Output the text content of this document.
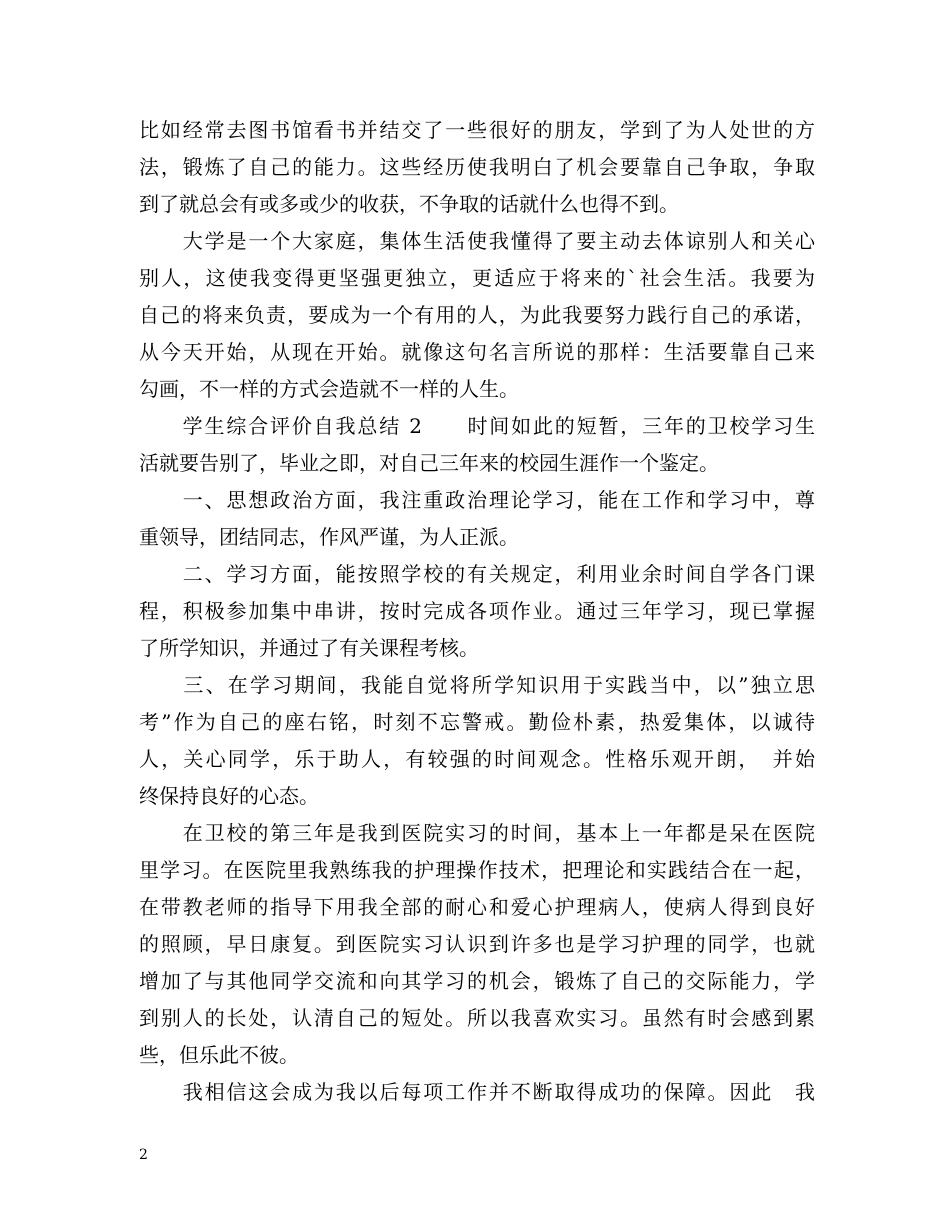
比如经常去图书馆看书并结交了一些很好的朋友，学到了为人处世的方
法，锻炼了自己的能力。这些经历使我明白了机会要靠自己争取，争取
到了就总会有或多或少的收获，不争取的话就什么也得不到。
　　大学是一个大家庭，集体生活使我懂得了要主动去体谅别人和关心
别人，这使我变得更坚强更独立，更适应于将来的`社会生活。我要为
自己的将来负责，要成为一个有用的人，为此我要努力践行自己的承诺，
从今天开始，从现在开始。就像这句名言所说的那样：生活要靠自己来
勾画，不一样的方式会造就不一样的人生。
　　学生综合评价自我总结 2　　时间如此的短暂，三年的卫校学习生
活就要告别了，毕业之即，对自己三年来的校园生涯作一个鉴定。
　　一、思想政治方面，我注重政治理论学习，能在工作和学习中，尊
重领导，团结同志，作风严谨，为人正派。
　　二、学习方面，能按照学校的有关规定，利用业余时间自学各门课
程，积极参加集中串讲，按时完成各项作业。通过三年学习，现已掌握
了所学知识，并通过了有关课程考核。
　　三、在学习期间，我能自觉将所学知识用于实践当中，以”独立思
考”作为自己的座右铭，时刻不忘警戒。勤俭朴素，热爱集体，以诚待
人，关心同学，乐于助人，有较强的时间观念。性格乐观开朗，　并始
终保持良好的心态。
　　在卫校的第三年是我到医院实习的时间，基本上一年都是呆在医院
里学习。在医院里我熟练我的护理操作技术，把理论和实践结合在一起，
在带教老师的指导下用我全部的耐心和爱心护理病人，使病人得到良好
的照顾，早日康复。到医院实习认识到许多也是学习护理的同学，也就
增加了与其他同学交流和向其学习的机会，锻炼了自己的交际能力，学
到别人的长处，认清自己的短处。所以我喜欢实习。虽然有时会感到累
些，但乐此不彼。
　　我相信这会成为我以后每项工作并不断取得成功的保障。因此　我
2
